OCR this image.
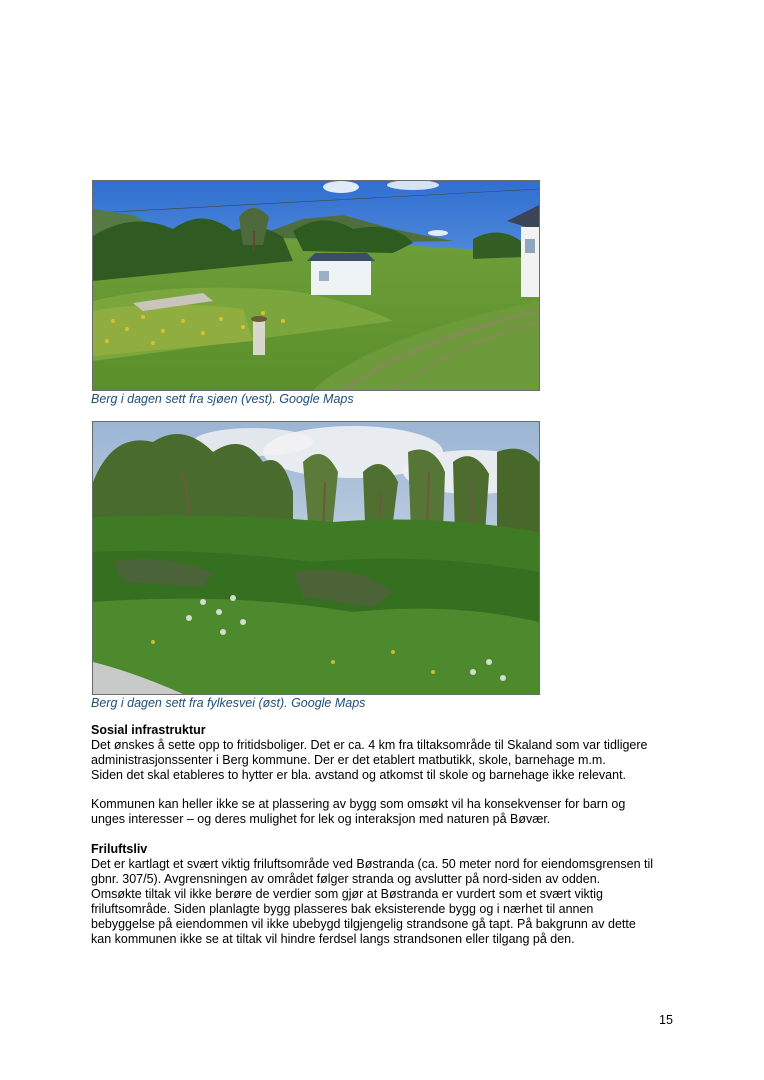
Berg i dagen sett fra sjøen (vest). Google Maps
Berg i dagen sett fra fylkesvei (øst). Google Maps
Sosial infrastruktur
Det ønskes å sette opp to fritidsboliger. Det er ca. 4 km fra tiltaksområde til Skaland som var tidligere
administrasjonssenter i Berg kommune. Der er det etablert matbutikk, skole, barnehage m.m.
Siden det skal etableres to hytter er bla. avstand og atkomst til skole og barnehage ikke relevant.
Kommunen kan heller ikke se at plassering av bygg som omsøkt vil ha konsekvenser for barn og
unges interesser – og deres mulighet for lek og interaksjon med naturen på Bøvær.
Friluftsliv
Det er kartlagt et svært viktig friluftsområde ved Bøstranda (ca. 50 meter nord for eiendomsgrensen til
gbnr. 307/5). Avgrensningen av området følger stranda og avslutter på nord-siden av odden.
Omsøkte tiltak vil ikke berøre de verdier som gjør at Bøstranda er vurdert som et svært viktig
friluftsområde. Siden planlagte bygg plasseres bak eksisterende bygg og i nærhet til annen
bebyggelse på eiendommen vil ikke ubebygd tilgjengelig strandsone gå tapt. På bakgrunn av dette
kan kommunen ikke se at tiltak vil hindre ferdsel langs strandsonen eller tilgang på den.
15
